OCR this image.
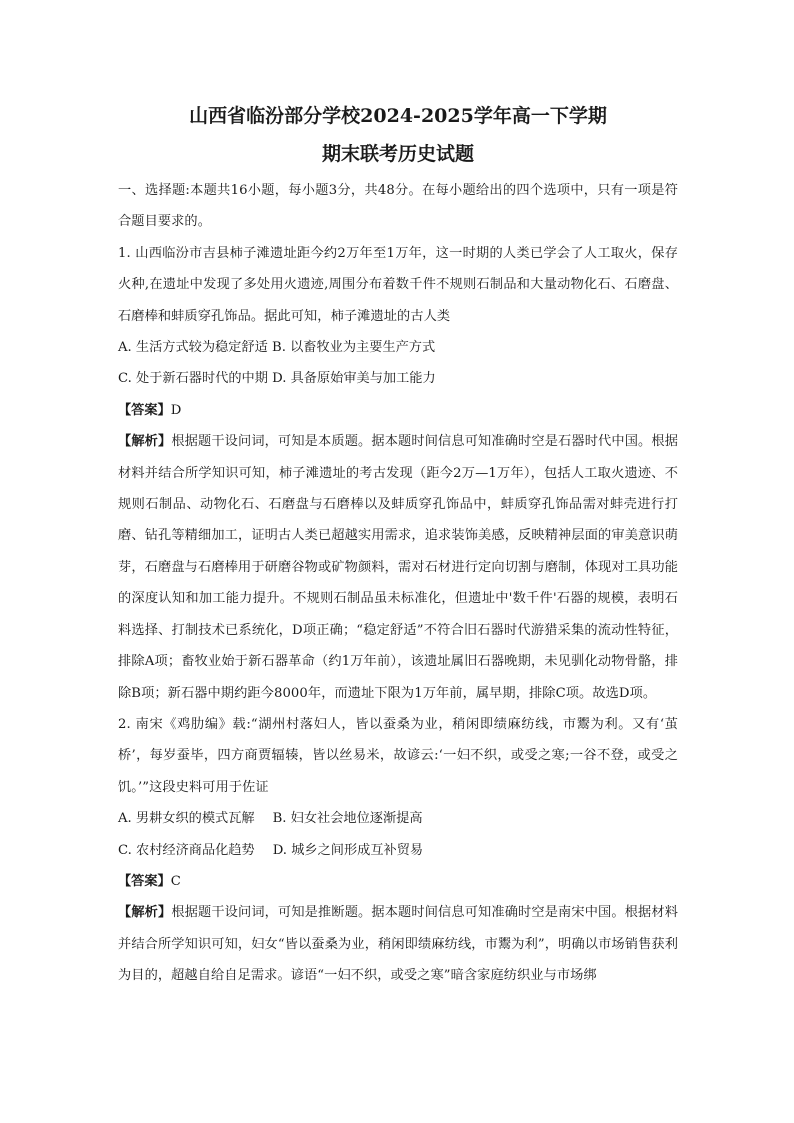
山西省临汾部分学校2024-2025学年高一下学期
期末联考历史试题

一、选择题:本题共16小题，每小题3分，共48分。在每小题给出的四个选项中，只有一项是符合题目要求的。

1. 山西临汾市吉县柿子滩遗址距今约2万年至1万年，这一时期的人类已学会了人工取火，保存火种,在遗址中发现了多处用火遗迹,周围分布着数千件不规则石制品和大量动物化石、石磨盘、石磨棒和蚌质穿孔饰品。据此可知，柿子滩遗址的古人类

A. 生活方式较为稳定舒适 B. 以畜牧业为主要生产方式

C. 处于新石器时代的中期 D. 具备原始审美与加工能力

【答案】D

【解析】根据题干设问词，可知是本质题。据本题时间信息可知准确时空是石器时代中国。根据材料并结合所学知识可知，柿子滩遗址的考古发现（距今2万—1万年），包括人工取火遗迹、不规则石制品、动物化石、石磨盘与石磨棒以及蚌质穿孔饰品中，蚌质穿孔饰品需对蚌壳进行打磨、钻孔等精细加工，证明古人类已超越实用需求，追求装饰美感，反映精神层面的审美意识萌芽，石磨盘与石磨棒用于研磨谷物或矿物颜料，需对石材进行定向切割与磨制，体现对工具功能的深度认知和加工能力提升。不规则石制品虽未标准化，但遗址中'数千件'石器的规模，表明石料选择、打制技术已系统化，D项正确；“稳定舒适”不符合旧石器时代游猎采集的流动性特征，排除A项；畜牧业始于新石器革命（约1万年前），该遗址属旧石器晚期，未见驯化动物骨骼，排除B项；新石器中期约距今8000年，而遗址下限为1万年前，属早期，排除C项。故选D项。

2. 南宋《鸡肋编》载:“湖州村落妇人，皆以蚕桑为业，稍闲即绩麻纺线，市鬻为利。又有‘茧桥’，每岁蚕毕，四方商贾辐辏，皆以丝易米，故谚云:‘一妇不织，或受之寒;一谷不登，或受之饥。’”这段史料可用于佐证

A. 男耕女织的模式瓦解 B. 妇女社会地位逐渐提高

C. 农村经济商品化趋势 D. 城乡之间形成互补贸易

【答案】C

【解析】根据题干设问词，可知是推断题。据本题时间信息可知准确时空是南宋中国。根据材料并结合所学知识可知，妇女“皆以蚕桑为业，稍闲即绩麻纺线，市鬻为利”，明确以市场销售获利为目的，超越自给自足需求。谚语“一妇不织，或受之寒”暗含家庭纺织业与市场绑
